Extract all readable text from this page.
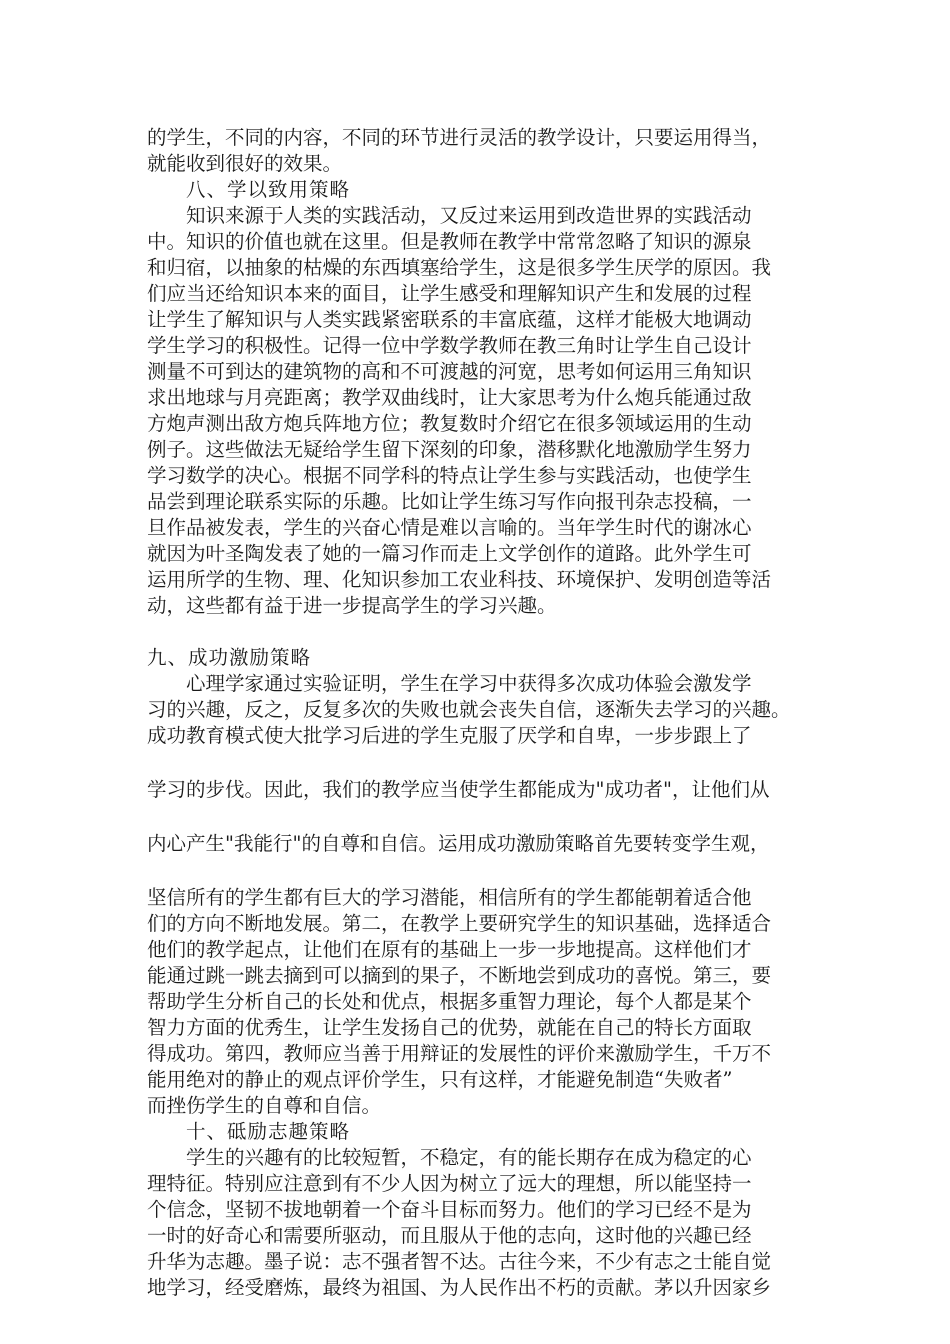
的学生，不同的内容，不同的环节进行灵活的教学设计，只要运用得当，
就能收到很好的效果。
八、学以致用策略
知识来源于人类的实践活动，又反过来运用到改造世界的实践活动
中。知识的价值也就在这里。但是教师在教学中常常忽略了知识的源泉
和归宿，以抽象的枯燥的东西填塞给学生，这是很多学生厌学的原因。我
们应当还给知识本来的面目，让学生感受和理解知识产生和发展的过程
让学生了解知识与人类实践紧密联系的丰富底蕴，这样才能极大地调动
学生学习的积极性。记得一位中学数学教师在教三角时让学生自己设计
测量不可到达的建筑物的高和不可渡越的河宽，思考如何运用三角知识
求出地球与月亮距离；教学双曲线时，让大家思考为什么炮兵能通过敌
方炮声测出敌方炮兵阵地方位；教复数时介绍它在很多领域运用的生动
例子。这些做法无疑给学生留下深刻的印象，潜移默化地激励学生努力
学习数学的决心。根据不同学科的特点让学生参与实践活动，也使学生
品尝到理论联系实际的乐趣。比如让学生练习写作向报刊杂志投稿，一
旦作品被发表，学生的兴奋心情是难以言喻的。当年学生时代的谢冰心
就因为叶圣陶发表了她的一篇习作而走上文学创作的道路。此外学生可
运用所学的生物、理、化知识参加工农业科技、环境保护、发明创造等活
动，这些都有益于进一步提高学生的学习兴趣。
九、成功激励策略
心理学家通过实验证明，学生在学习中获得多次成功体验会激发学
习的兴趣，反之，反复多次的失败也就会丧失自信，逐渐失去学习的兴趣。
成功教育模式使大批学习后进的学生克服了厌学和自卑，一步步跟上了
学习的步伐。因此，我们的教学应当使学生都能成为"成功者"，让他们从
内心产生"我能行"的自尊和自信。运用成功激励策略首先要转变学生观，
坚信所有的学生都有巨大的学习潜能，相信所有的学生都能朝着适合他
们的方向不断地发展。第二，在教学上要研究学生的知识基础，选择适合
他们的教学起点，让他们在原有的基础上一步一步地提高。这样他们才
能通过跳一跳去摘到可以摘到的果子，不断地尝到成功的喜悦。第三，要
帮助学生分析自己的长处和优点，根据多重智力理论，每个人都是某个
智力方面的优秀生，让学生发扬自己的优势，就能在自己的特长方面取
得成功。第四，教师应当善于用辩证的发展性的评价来激励学生，千万不
能用绝对的静止的观点评价学生，只有这样，才能避免制造“失败者”
而挫伤学生的自尊和自信。
十、砥励志趣策略
学生的兴趣有的比较短暂，不稳定，有的能长期存在成为稳定的心
理特征。特别应注意到有不少人因为树立了远大的理想，所以能坚持一
个信念，坚韧不拔地朝着一个奋斗目标而努力。他们的学习已经不是为
一时的好奇心和需要所驱动，而且服从于他的志向，这时他的兴趣已经
升华为志趣。墨子说：志不强者智不达。古往今来，不少有志之士能自觉
地学习，经受磨炼，最终为祖国、为人民作出不朽的贡献。茅以升因家乡
